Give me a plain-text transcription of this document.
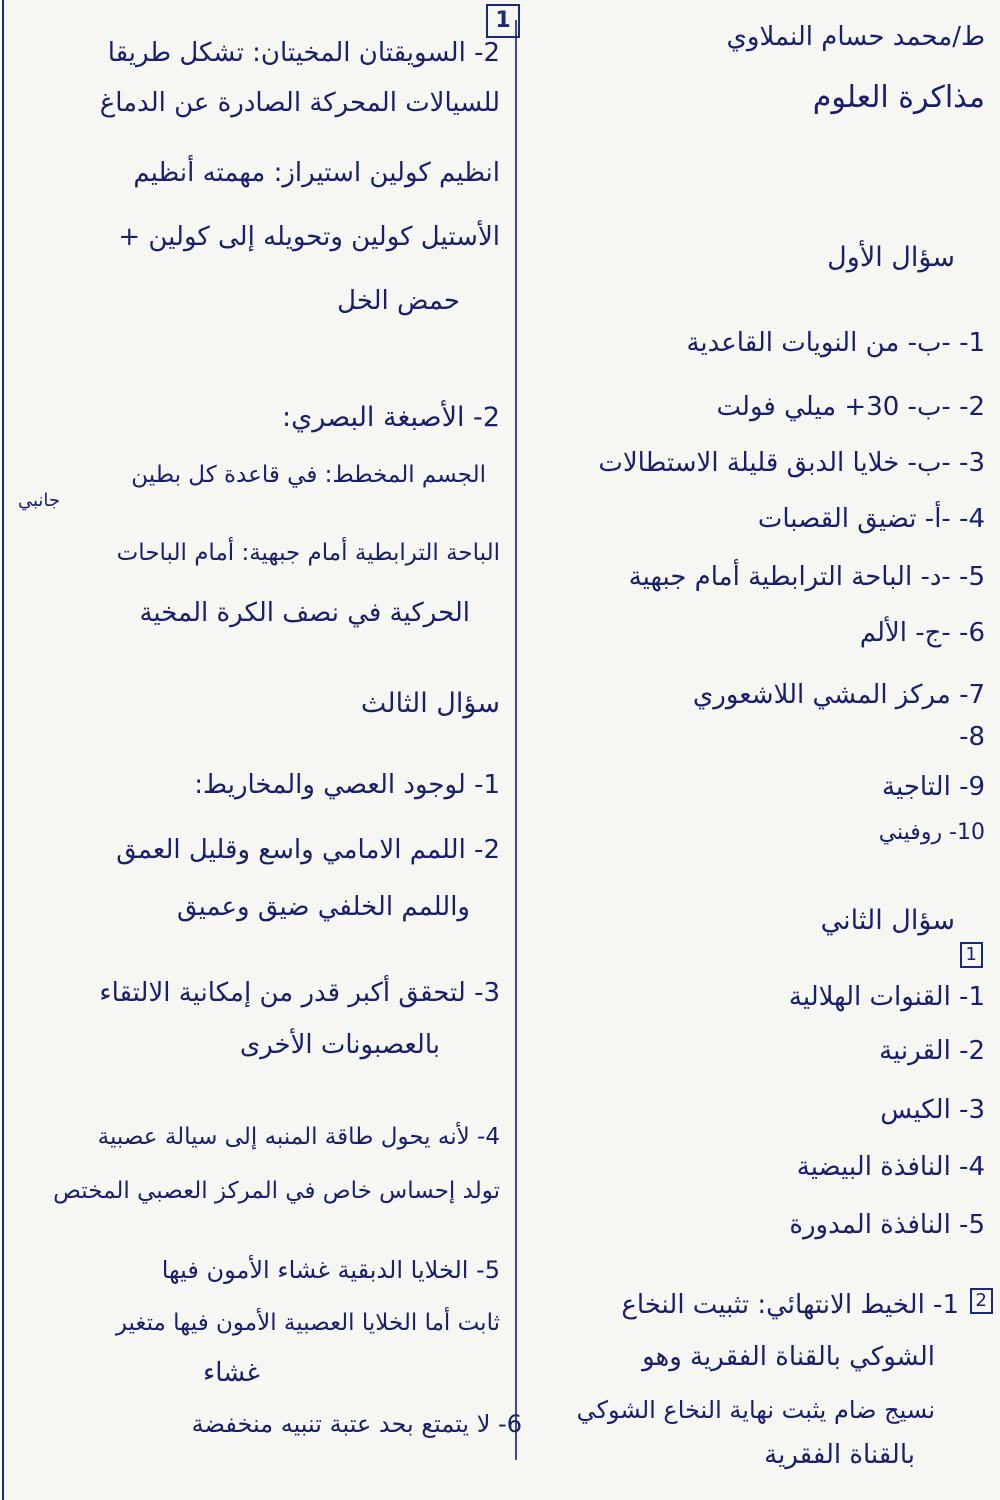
1
ط/محمد حسام النملاوي
مذاكرة العلوم
سؤال الأول
1- -ب- من النويات القاعدية
2- -ب- 30+ ميلي فولت
3- -ب- خلايا الدبق قليلة الاستطالات
4- -أ- تضيق القصبات
5- -د- الباحة الترابطية أمام جبهية
6- -ج- الألم
7- مركز المشي اللاشعوري
8-
9- التاجية
10- روفيني
سؤال الثاني
1
1- القنوات الهلالية
2- القرنية
3- الكيس
4- النافذة البيضية
5- النافذة المدورة
2
1- الخيط الانتهائي: تثبيت النخاع
الشوكي بالقناة الفقرية وهو
نسيج ضام يثبت نهاية النخاع الشوكي
بالقناة الفقرية
2- السويقتان المخيتان: تشكل طريقا
للسيالات المحركة الصادرة عن الدماغ
انظيم كولين استيراز: مهمته أنظيم
الأستيل كولين وتحويله إلى كولين +
حمض الخل
2- الأصبغة البصري:
الجسم المخطط: في قاعدة كل بطين
جانبي
الباحة الترابطية أمام جبهية: أمام الباحات
الحركية في نصف الكرة المخية
سؤال الثالث
1- لوجود العصي والمخاريط:
2- اللمم الامامي واسع وقليل العمق
واللمم الخلفي ضيق وعميق
3- لتحقق أكبر قدر من إمكانية الالتقاء
بالعصبونات الأخرى
4- لأنه يحول طاقة المنبه إلى سيالة عصبية
تولد إحساس خاص في المركز العصبي المختص
5- الخلايا الدبقية غشاء الأمون فيها
ثابت أما الخلايا العصبية الأمون فيها متغير
غشاء
6- لا يتمتع بحد عتبة تنبيه منخفضة
